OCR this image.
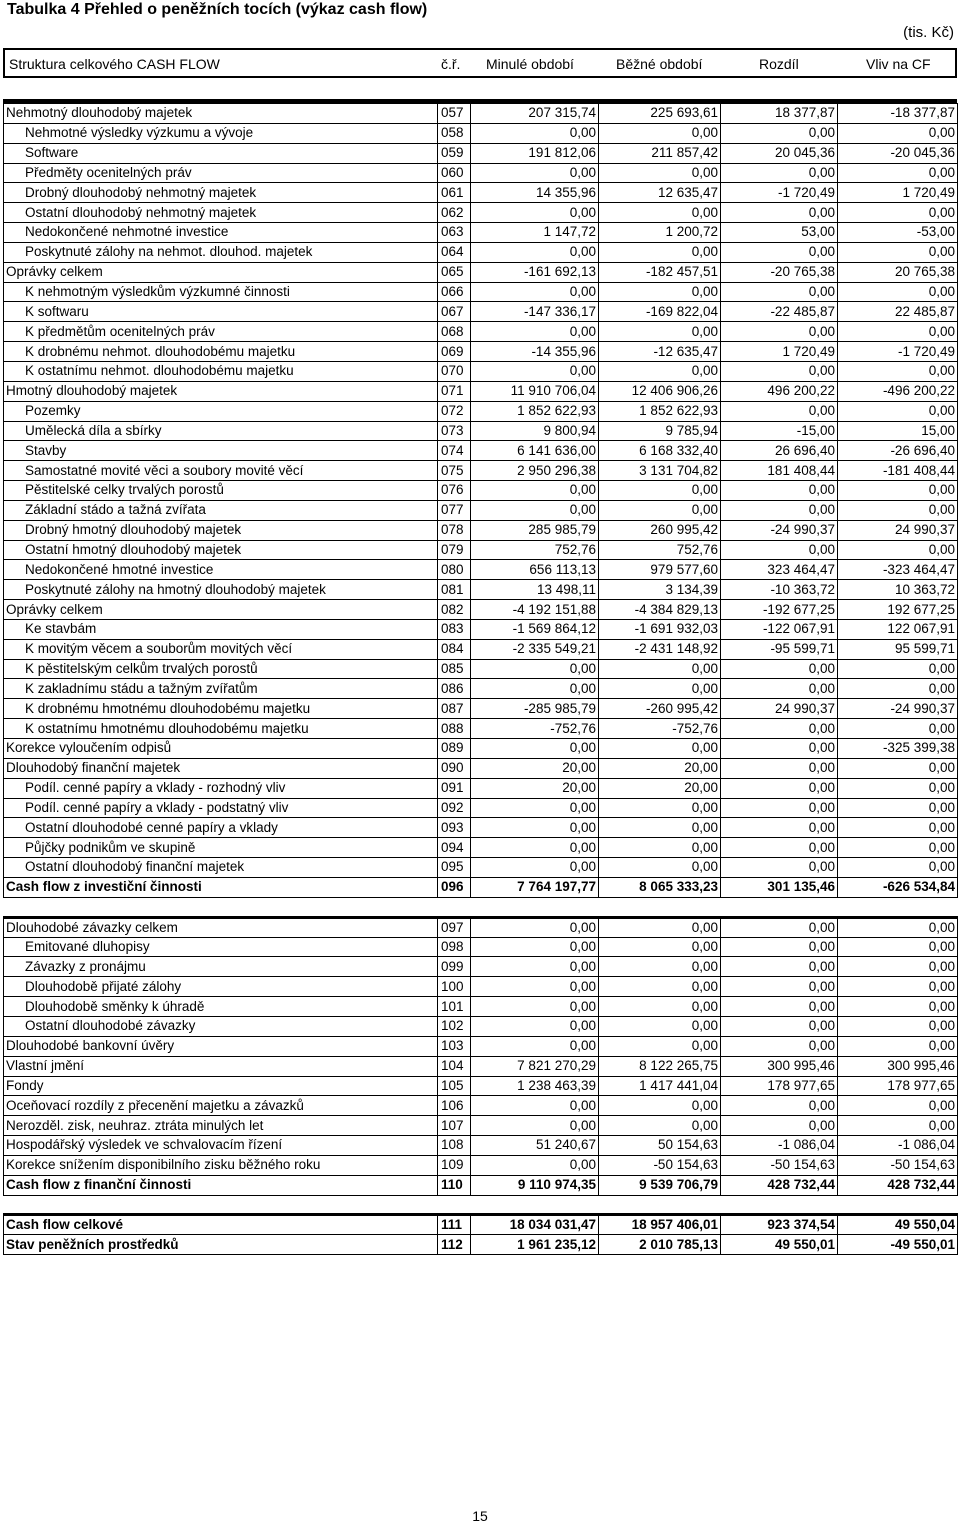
Tabulka 4 Přehled o peněžních tocích (výkaz cash flow)
(tis. Kč)
Struktura celkového CASH FLOW	č.ř. Minulé období	Běžné období	Rozdíl	Vliv na CF
Nehmotný dlouhodobý majetek	057	207 315,74	225 693,61	18 377,87	-18 377,87
Nehmotné výsledky výzkumu a vývoje	058	0,00	0,00	0,00	0,00
Software	059	191 812,06	211 857,42	20 045,36	-20 045,36
Předměty ocenitelných práv	060	0,00	0,00	0,00	0,00
Drobný dlouhodobý nehmotný majetek	061	14 355,96	12 635,47	-1 720,49	1 720,49
Ostatní dlouhodobý nehmotný majetek	062	0,00	0,00	0,00	0,00
Nedokončené nehmotné investice	063	1 147,72	1 200,72	53,00	-53,00
Poskytnuté zálohy na nehmot. dlouhod. majetek	064	0,00	0,00	0,00	0,00
Oprávky celkem	065	-161 692,13	-182 457,51	-20 765,38	20 765,38
K nehmotným výsledkům výzkumné činnosti	066	0,00	0,00	0,00	0,00
K softwaru	067	-147 336,17	-169 822,04	-22 485,87	22 485,87
K předmětům ocenitelných práv	068	0,00	0,00	0,00	0,00
K drobnému nehmot. dlouhodobému majetku	069	-14 355,96	-12 635,47	1 720,49	-1 720,49
K ostatnímu nehmot. dlouhodobému majetku	070	0,00	0,00	0,00	0,00
Hmotný dlouhodobý majetek	071	11 910 706,04	12 406 906,26	496 200,22	-496 200,22
Pozemky	072	1 852 622,93	1 852 622,93	0,00	0,00
Umělecká díla a sbírky	073	9 800,94	9 785,94	-15,00	15,00
Stavby	074	6 141 636,00	6 168 332,40	26 696,40	-26 696,40
Samostatné movité věci a soubory movité věcí	075	2 950 296,38	3 131 704,82	181 408,44	-181 408,44
Pěstitelské celky trvalých porostů	076	0,00	0,00	0,00	0,00
Základní stádo a tažná zvířata	077	0,00	0,00	0,00	0,00
Drobný hmotný dlouhodobý majetek	078	285 985,79	260 995,42	-24 990,37	24 990,37
Ostatní hmotný dlouhodobý majetek	079	752,76	752,76	0,00	0,00
Nedokončené hmotné investice	080	656 113,13	979 577,60	323 464,47	-323 464,47
Poskytnuté zálohy na hmotný dlouhodobý majetek	081	13 498,11	3 134,39	-10 363,72	10 363,72
Oprávky celkem	082	-4 192 151,88	-4 384 829,13	-192 677,25	192 677,25
Ke stavbám	083	-1 569 864,12	-1 691 932,03	-122 067,91	122 067,91
K movitým věcem a souborům movitých věcí	084	-2 335 549,21	-2 431 148,92	-95 599,71	95 599,71
K pěstitelským celkům trvalých porostů	085	0,00	0,00	0,00	0,00
K zakladnímu stádu a tažným zvířatům	086	0,00	0,00	0,00	0,00
K drobnému hmotnému dlouhodobému majetku	087	-285 985,79	-260 995,42	24 990,37	-24 990,37
K ostatnímu hmotnému dlouhodobému majetku	088	-752,76	-752,76	0,00	0,00
Korekce vyloučením odpisů	089	0,00	0,00	0,00	-325 399,38
Dlouhodobý finanční majetek	090	20,00	20,00	0,00	0,00
Podíl. cenné papíry a vklady - rozhodný vliv	091	20,00	20,00	0,00	0,00
Podíl. cenné papíry a vklady - podstatný vliv	092	0,00	0,00	0,00	0,00
Ostatní dlouhodobé cenné papíry a vklady	093	0,00	0,00	0,00	0,00
Půjčky podnikům ve skupině	094	0,00	0,00	0,00	0,00
Ostatní dlouhodobý finanční majetek	095	0,00	0,00	0,00	0,00
Cash flow z investiční činnosti	096	7 764 197,77	8 065 333,23	301 135,46	-626 534,84

Dlouhodobé závazky celkem	097	0,00	0,00	0,00	0,00
Emitované dluhopisy	098	0,00	0,00	0,00	0,00
Závazky z pronájmu	099	0,00	0,00	0,00	0,00
Dlouhodobě přijaté zálohy	100	0,00	0,00	0,00	0,00
Dlouhodobě směnky k úhradě	101	0,00	0,00	0,00	0,00
Ostatní dlouhodobé závazky	102	0,00	0,00	0,00	0,00
Dlouhodobé bankovní úvěry	103	0,00	0,00	0,00	0,00
Vlastní jmění	104	7 821 270,29	8 122 265,75	300 995,46	300 995,46
Fondy	105	1 238 463,39	1 417 441,04	178 977,65	178 977,65
Oceňovací rozdíly z přecenění majetku a závazků	106	0,00	0,00	0,00	0,00
Nerozděl. zisk, neuhraz. ztráta minulých let	107	0,00	0,00	0,00	0,00
Hospodářský výsledek ve schvalovacím řízení	108	51 240,67	50 154,63	-1 086,04	-1 086,04
Korekce snížením disponibilního zisku běžného roku	109	0,00	-50 154,63	-50 154,63	-50 154,63
Cash flow z finanční činnosti	110	9 110 974,35	9 539 706,79	428 732,44	428 732,44

Cash flow celkové	111	18 034 031,47	18 957 406,01	923 374,54	49 550,04
Stav peněžních prostředků	112	1 961 235,12	2 010 785,13	49 550,01	-49 550,01
15
